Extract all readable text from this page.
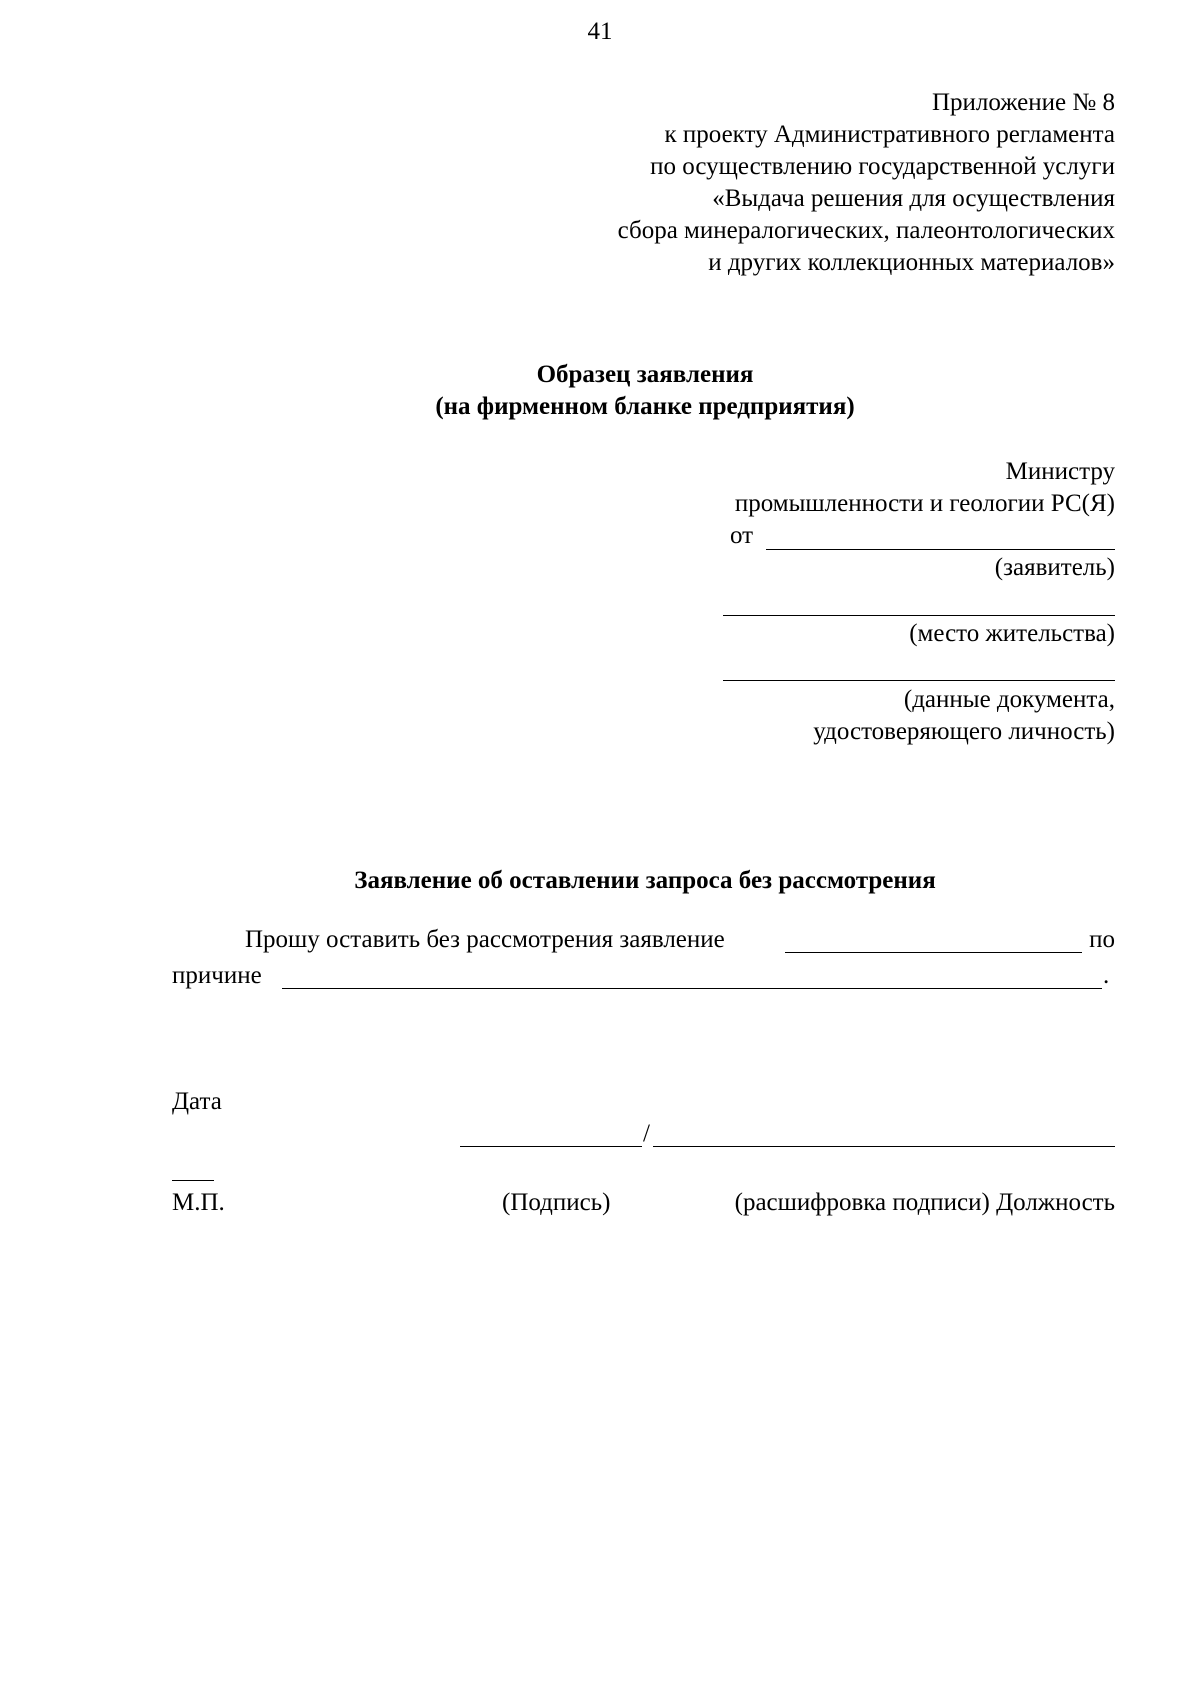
41
Приложение № 8
к проекту Административного регламента
по осуществлению государственной услуги
«Выдача решения для осуществления
сбора минералогических, палеонтологических
и других коллекционных материалов»
Образец заявления
(на фирменном бланке предприятия)
Министру
промышленности и геологии РС(Я)
от
(заявитель)
(место жительства)
(данные документа,
удостоверяющего личность)
Заявление об оставлении запроса без рассмотрения
Прошу оставить без рассмотрения заявление	по
причине	.
Дата
/
М.П.	(Подпись)	(расшифровка подписи) Должность
